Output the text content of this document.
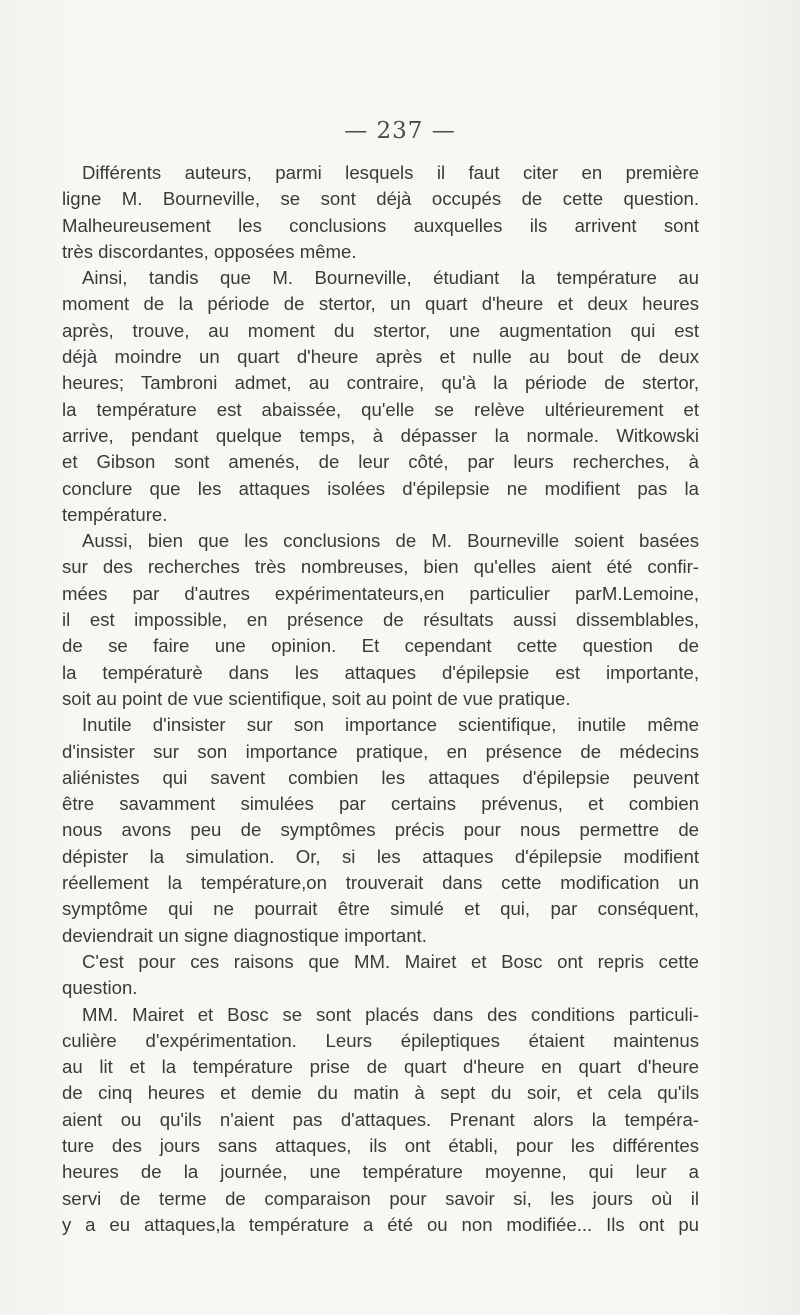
— 237 —
Différents auteurs, parmi lesquels il faut citer en première
ligne M. Bourneville, se sont déjà occupés de cette question.
Malheureusement les conclusions auxquelles ils arrivent sont
très discordantes, opposées même.
Ainsi, tandis que M. Bourneville, étudiant la température au
moment de la période de stertor, un quart d'heure et deux heures
après, trouve, au moment du stertor, une augmentation qui est
déjà moindre un quart d'heure après et nulle au bout de deux
heures; Tambroni admet, au contraire, qu'à la période de stertor,
la température est abaissée, qu'elle se relève ultérieurement et
arrive, pendant quelque temps, à dépasser la normale. Witkowski
et Gibson sont amenés, de leur côté, par leurs recherches, à
conclure que les attaques isolées d'épilepsie ne modifient pas la
température.
Aussi, bien que les conclusions de M. Bourneville soient basées
sur des recherches très nombreuses, bien qu'elles aient été confir-
mées par d'autres expérimentateurs,en particulier parM.Lemoine,
il est impossible, en présence de résultats aussi dissemblables,
de se faire une opinion. Et cependant cette question de
la températurè dans les attaques d'épilepsie est importante,
soit au point de vue scientifique, soit au point de vue pratique.
Inutile d'insister sur son importance scientifique, inutile même
d'insister sur son importance pratique, en présence de médecins
aliénistes qui savent combien les attaques d'épilepsie peuvent
être savamment simulées par certains prévenus, et combien
nous avons peu de symptômes précis pour nous permettre de
dépister la simulation. Or, si les attaques d'épilepsie modifient
réellement la température,on trouverait dans cette modification un
symptôme qui ne pourrait être simulé et qui, par conséquent,
deviendrait un signe diagnostique important.
C'est pour ces raisons que MM. Mairet et Bosc ont repris cette
question.
MM. Mairet et Bosc se sont placés dans des conditions particuli-
culière d'expérimentation. Leurs épileptiques étaient maintenus
au lit et la température prise de quart d'heure en quart d'heure
de cinq heures et demie du matin à sept du soir, et cela qu'ils
aient ou qu'ils n'aient pas d'attaques. Prenant alors la tempéra-
ture des jours sans attaques, ils ont établi, pour les différentes
heures de la journée, une température moyenne, qui leur a
servi de terme de comparaison pour savoir si, les jours où il
y a eu attaques,la température a été ou non modifiée... Ils ont pu
